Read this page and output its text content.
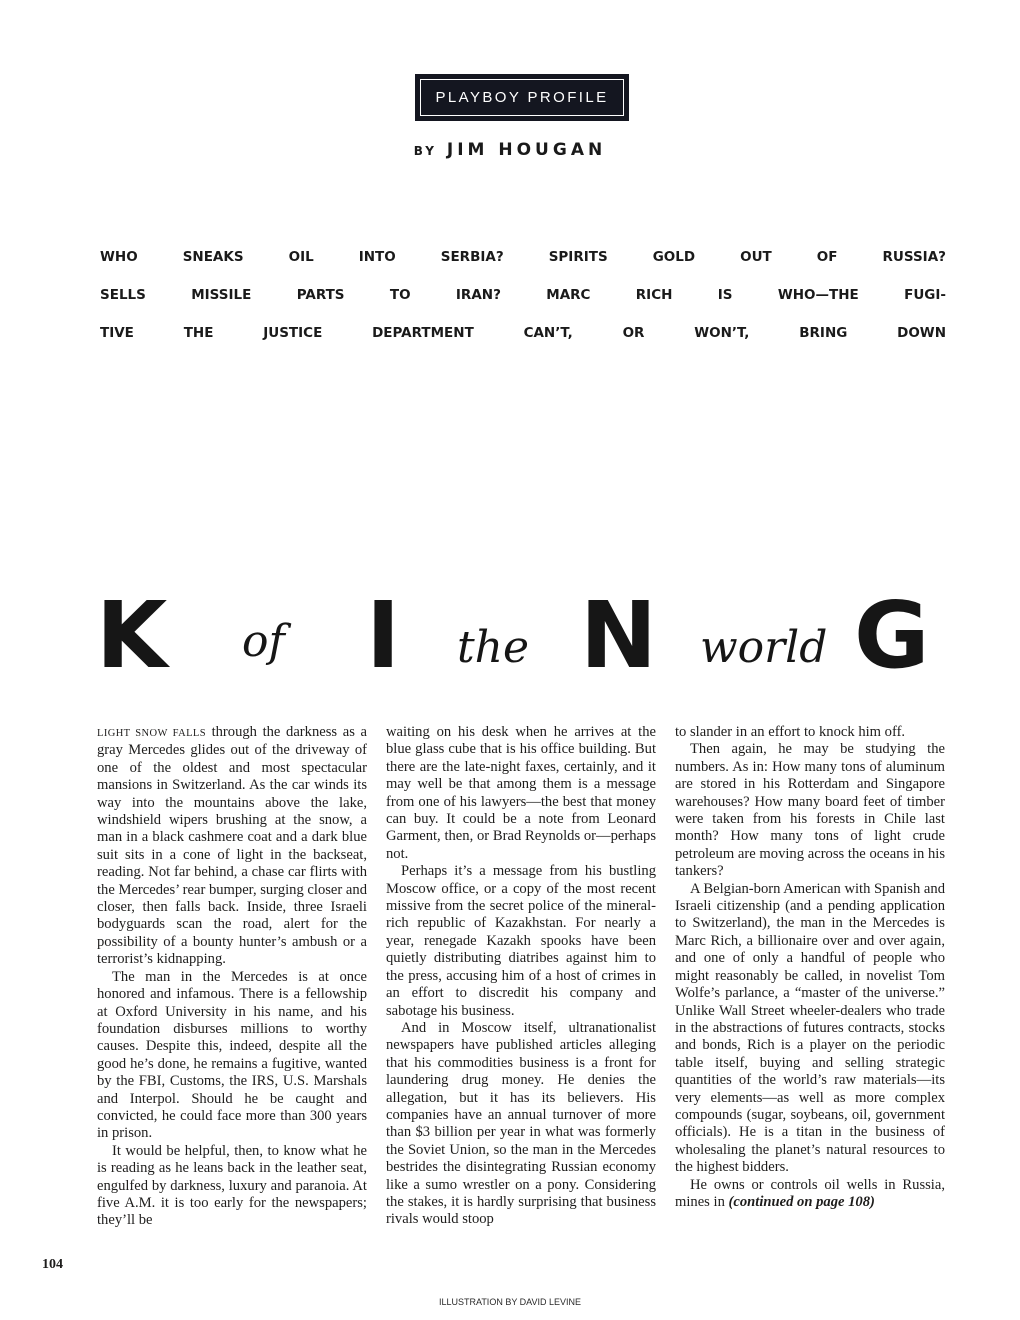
PLAYBOY PROFILE
BY JIM HOUGAN
WHO SNEAKS OIL INTO SERBIA? SPIRITS GOLD OUT OF RUSSIA?
SELLS MISSILE PARTS TO IRAN? MARC RICH IS WHO—THE FUGI-
TIVE THE JUSTICE DEPARTMENT CAN’T, OR WON’T, BRING DOWN
K of I the N world G

LIGHT SNOW FALLS through the darkness as a gray Mercedes glides out of the driveway of one of the oldest and most spectacular mansions in Switzerland. As the car winds its way into the mountains above the lake, windshield wipers brushing at the snow, a man in a black cashmere coat and a dark blue suit sits in a cone of light in the backseat, reading. Not far behind, a chase car flirts with the Mercedes’ rear bumper, surging closer and closer, then falls back. Inside, three Israeli bodyguards scan the road, alert for the possibility of a bounty hunter’s ambush or a terrorist’s kidnapping.

The man in the Mercedes is at once honored and infamous. There is a fellowship at Oxford University in his name, and his foundation disburses millions to worthy causes. Despite this, indeed, despite all the good he’s done, he remains a fugitive, wanted by the FBI, Customs, the IRS, U.S. Marshals and Interpol. Should he be caught and convicted, he could face more than 300 years in prison.

It would be helpful, then, to know what he is reading as he leans back in the leather seat, engulfed by darkness, luxury and paranoia. At five A.M. it is too early for the newspapers; they’ll be

waiting on his desk when he arrives at the blue glass cube that is his office building. But there are the late-night faxes, certainly, and it may well be that among them is a message from one of his lawyers—the best that money can buy. It could be a note from Leonard Garment, then, or Brad Reynolds or—perhaps not.

Perhaps it’s a message from his bustling Moscow office, or a copy of the most recent missive from the secret police of the mineral-rich republic of Kazakhstan. For nearly a year, renegade Kazakh spooks have been quietly distributing diatribes against him to the press, accusing him of a host of crimes in an effort to discredit his company and sabotage his business.

And in Moscow itself, ultranationalist newspapers have published articles alleging that his commodities business is a front for laundering drug money. He denies the allegation, but it has its believers. His companies have an annual turnover of more than $3 billion per year in what was formerly the Soviet Union, so the man in the Mercedes bestrides the disintegrating Russian economy like a sumo wrestler on a pony. Considering the stakes, it is hardly surprising that business rivals would stoop

to slander in an effort to knock him off.

Then again, he may be studying the numbers. As in: How many tons of aluminum are stored in his Rotterdam and Singapore warehouses? How many board feet of timber were taken from his forests in Chile last month? How many tons of light crude petroleum are moving across the oceans in his tankers?

A Belgian-born American with Spanish and Israeli citizenship (and a pending application to Switzerland), the man in the Mercedes is Marc Rich, a billionaire over and over again, and one of only a handful of people who might reasonably be called, in novelist Tom Wolfe’s parlance, a “master of the universe.” Unlike Wall Street wheeler-dealers who trade in the abstractions of futures contracts, stocks and bonds, Rich is a player on the periodic table itself, buying and selling strategic quantities of the world’s raw materials—its very elements—as well as more complex compounds (sugar, soybeans, oil, government officials). He is a titan in the business of wholesaling the planet’s natural resources to the highest bidders.

He owns or controls oil wells in Russia, mines in (continued on page 108)

104
ILLUSTRATION BY DAVID LEVINE
